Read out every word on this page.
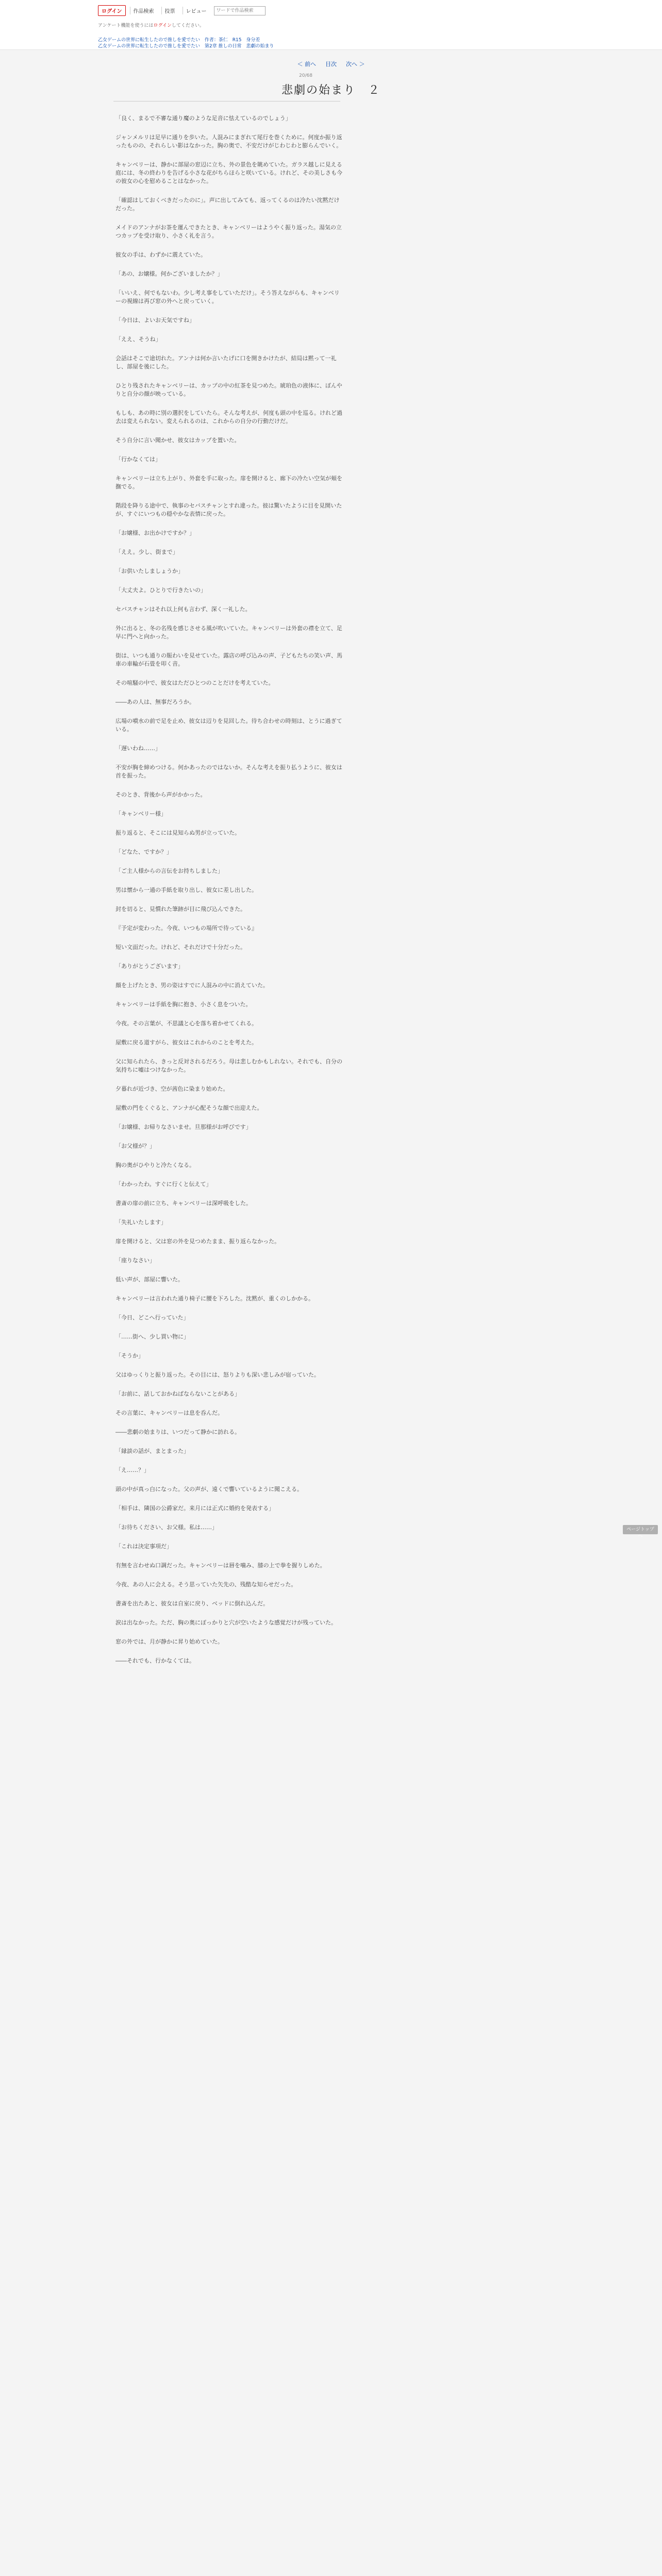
ログイン	作品検索	投票	レビュー
ワードで作品検索
アンケート機能を使うにはログインしてください。
乙女ゲームの世界に転生したので推しを愛でたい 作者：茶仁 R15 身分差
乙女ゲームの世界に転生したので推しを愛でたい 第2章 推しの日常 悲劇の始まり
＜ 前へ 目次 次へ ＞
20/68
悲劇の始まり　２

「良く、まるで不審な通り魔のような足音に怯えているのでしょう」

ジャンメルリは足早に通りを歩いた。人混みにまぎれて尾行を巻くために。何度か振り返ったものの、それらしい影はなかった。胸の奥で、不安だけがじわじわと膨らんでいく。

キャンベリーは、静かに部屋の窓辺に立ち、外の景色を眺めていた。ガラス越しに見える庭には、冬の終わりを告げる小さな花がちらほらと咲いている。けれど、その美しさも今の彼女の心を慰めることはなかった。

「確認はしておくべきだったのに」。声に出してみても、返ってくるのは冷たい沈黙だけだった。

メイドのアンナがお茶を運んできたとき、キャンベリーはようやく振り返った。湯気の立つカップを受け取り、小さく礼を言う。

彼女の手は、わずかに震えていた。

「あの、お嬢様。何かございましたか？」

「いいえ、何でもないわ。少し考え事をしていただけ」。そう答えながらも、キャンベリーの視線は再び窓の外へと戻っていく。

「今日は、よいお天気ですね」

「ええ、そうね」

会話はそこで途切れた。アンナは何か言いたげに口を開きかけたが、結局は黙って一礼し、部屋を後にした。

ひとり残されたキャンベリーは、カップの中の紅茶を見つめた。琥珀色の液体に、ぼんやりと自分の顔が映っている。

もしも、あの時に別の選択をしていたら。そんな考えが、何度も頭の中を巡る。けれど過去は変えられない。変えられるのは、これからの自分の行動だけだ。

そう自分に言い聞かせ、彼女はカップを置いた。

「行かなくては」

キャンベリーは立ち上がり、外套を手に取った。扉を開けると、廊下の冷たい空気が頬を撫でる。

階段を降りる途中で、執事のセバスチャンとすれ違った。彼は驚いたように目を見開いたが、すぐにいつもの穏やかな表情に戻った。

「お嬢様、お出かけですか？」

「ええ。少し、街まで」

「お供いたしましょうか」

「大丈夫よ。ひとりで行きたいの」

セバスチャンはそれ以上何も言わず、深く一礼した。

外に出ると、冬の名残を感じさせる風が吹いていた。キャンベリーは外套の襟を立て、足早に門へと向かった。

街は、いつも通りの賑わいを見せていた。露店の呼び込みの声、子どもたちの笑い声、馬車の車輪が石畳を叩く音。

その喧騒の中で、彼女はただひとつのことだけを考えていた。

――あの人は、無事だろうか。

広場の噴水の前で足を止め、彼女は辺りを見回した。待ち合わせの時刻は、とうに過ぎている。

「遅いわね……」

不安が胸を締めつける。何かあったのではないか。そんな考えを振り払うように、彼女は首を振った。

そのとき、背後から声がかかった。

「キャンベリー様」

振り返ると、そこには見知らぬ男が立っていた。

「どなた、ですか？」

「ご主人様からの言伝をお持ちしました」

男は懐から一通の手紙を取り出し、彼女に差し出した。

封を切ると、見慣れた筆跡が目に飛び込んできた。

『予定が変わった。今夜、いつもの場所で待っている』

短い文面だった。けれど、それだけで十分だった。

「ありがとうございます」

顔を上げたとき、男の姿はすでに人混みの中に消えていた。

キャンベリーは手紙を胸に抱き、小さく息をついた。

今夜。その言葉が、不思議と心を落ち着かせてくれる。

屋敷に戻る道すがら、彼女はこれからのことを考えた。

父に知られたら、きっと反対されるだろう。母は悲しむかもしれない。それでも、自分の気持ちに嘘はつけなかった。

夕暮れが近づき、空が茜色に染まり始めた。

屋敷の門をくぐると、アンナが心配そうな顔で出迎えた。

「お嬢様、お帰りなさいませ。旦那様がお呼びです」

「お父様が？」

胸の奥がひやりと冷たくなる。

「わかったわ。すぐに行くと伝えて」

書斎の扉の前に立ち、キャンベリーは深呼吸をした。

「失礼いたします」

扉を開けると、父は窓の外を見つめたまま、振り返らなかった。

「座りなさい」

低い声が、部屋に響いた。

キャンベリーは言われた通り椅子に腰を下ろした。沈黙が、重くのしかかる。

「今日、どこへ行っていた」

「……街へ、少し買い物に」

「そうか」

父はゆっくりと振り返った。その目には、怒りよりも深い悲しみが宿っていた。

「お前に、話しておかねばならないことがある」

その言葉に、キャンベリーは息を呑んだ。

――悲劇の始まりは、いつだって静かに訪れる。

「縁談の話が、まとまった」

「え……？」

頭の中が真っ白になった。父の声が、遠くで響いているように聞こえる。

「相手は、隣国の公爵家だ。来月には正式に婚約を発表する」

「お待ちください、お父様。私は……」

「これは決定事項だ」

有無を言わせぬ口調だった。キャンベリーは唇を噛み、膝の上で拳を握りしめた。

今夜、あの人に会える。そう思っていた矢先の、残酷な知らせだった。

書斎を出たあと、彼女は自室に戻り、ベッドに倒れ込んだ。

涙は出なかった。ただ、胸の奥にぽっかりと穴が空いたような感覚だけが残っていた。

窓の外では、月が静かに昇り始めていた。

――それでも、行かなくては。

ページトップへ
